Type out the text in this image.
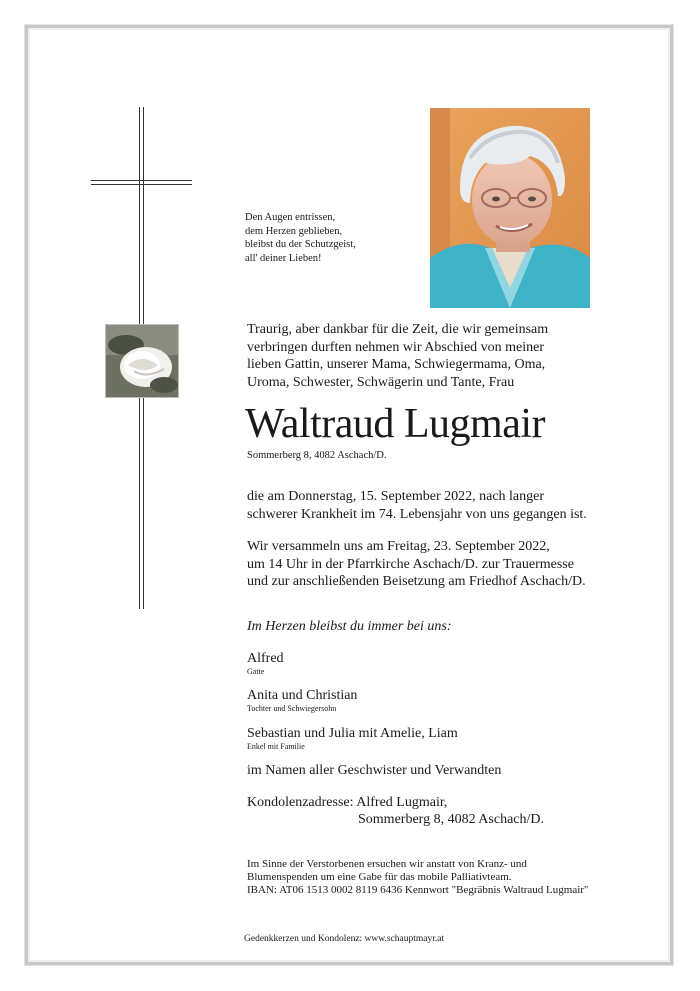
Den Augen entrissen,
dem Herzen geblieben,
bleibst du der Schutzgeist,
all' deiner Lieben!
Traurig, aber dankbar für die Zeit, die wir gemeinsam
verbringen durften nehmen wir Abschied von meiner
lieben Gattin, unserer Mama, Schwiegermama, Oma,
Uroma, Schwester, Schwägerin und Tante, Frau
Waltraud Lugmair
Sommerberg 8, 4082 Aschach/D.
die am Donnerstag, 15. September 2022, nach langer
schwerer Krankheit im 74. Lebensjahr von uns gegangen ist.
Wir versammeln uns am Freitag, 23. September 2022,
um 14 Uhr in der Pfarrkirche Aschach/D. zur Trauermesse
und zur anschließenden Beisetzung am Friedhof Aschach/D.
Im Herzen bleibst du immer bei uns:
Alfred
Gatte
Anita und Christian
Tochter und Schwiegersohn
Sebastian und Julia mit Amelie, Liam
Enkel mit Familie
im Namen aller Geschwister und Verwandten
Kondolenzadresse: Alfred Lugmair,
Sommerberg 8, 4082 Aschach/D.
Im Sinne der Verstorbenen ersuchen wir anstatt von Kranz- und
Blumenspenden um eine Gabe für das mobile Palliativteam.
IBAN: AT06 1513 0002 8119 6436 Kennwort "Begräbnis Waltraud Lugmair"
Gedenkkerzen und Kondolenz: www.schauptmayr.at
